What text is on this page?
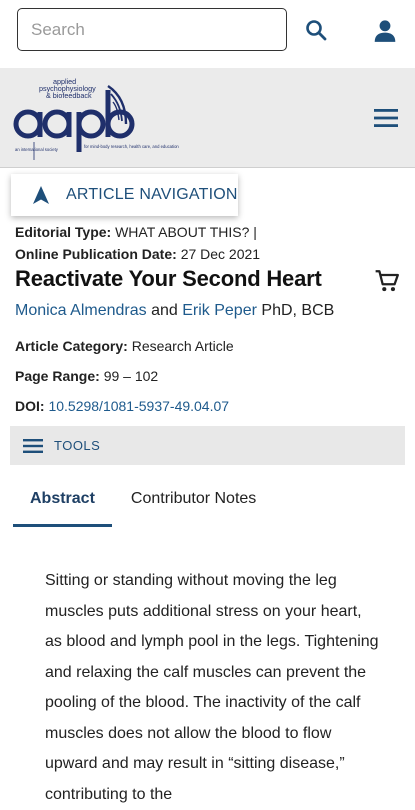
Search
applied
psychophysiology
& biofeedback
an international society
for mind-body research, health care, and education
ARTICLE NAVIGATION
Editorial Type: WHAT ABOUT THIS? |
Online Publication Date: 27 Dec 2021
Reactivate Your Second Heart
Monica Almendras and Erik Peper PhD, BCB
Article Category: Research Article
Page Range: 99 – 102
DOI: 10.5298/1081-5937-49.04.07
TOOLS
Abstract	Contributor Notes
Sitting or standing without moving the leg muscles puts additional stress on your heart, as blood and lymph pool in the legs. Tightening and relaxing the calf muscles can prevent the pooling of the blood. The inactivity of the calf muscles does not allow the blood to flow upward and may result in “sitting disease,” contributing to the
